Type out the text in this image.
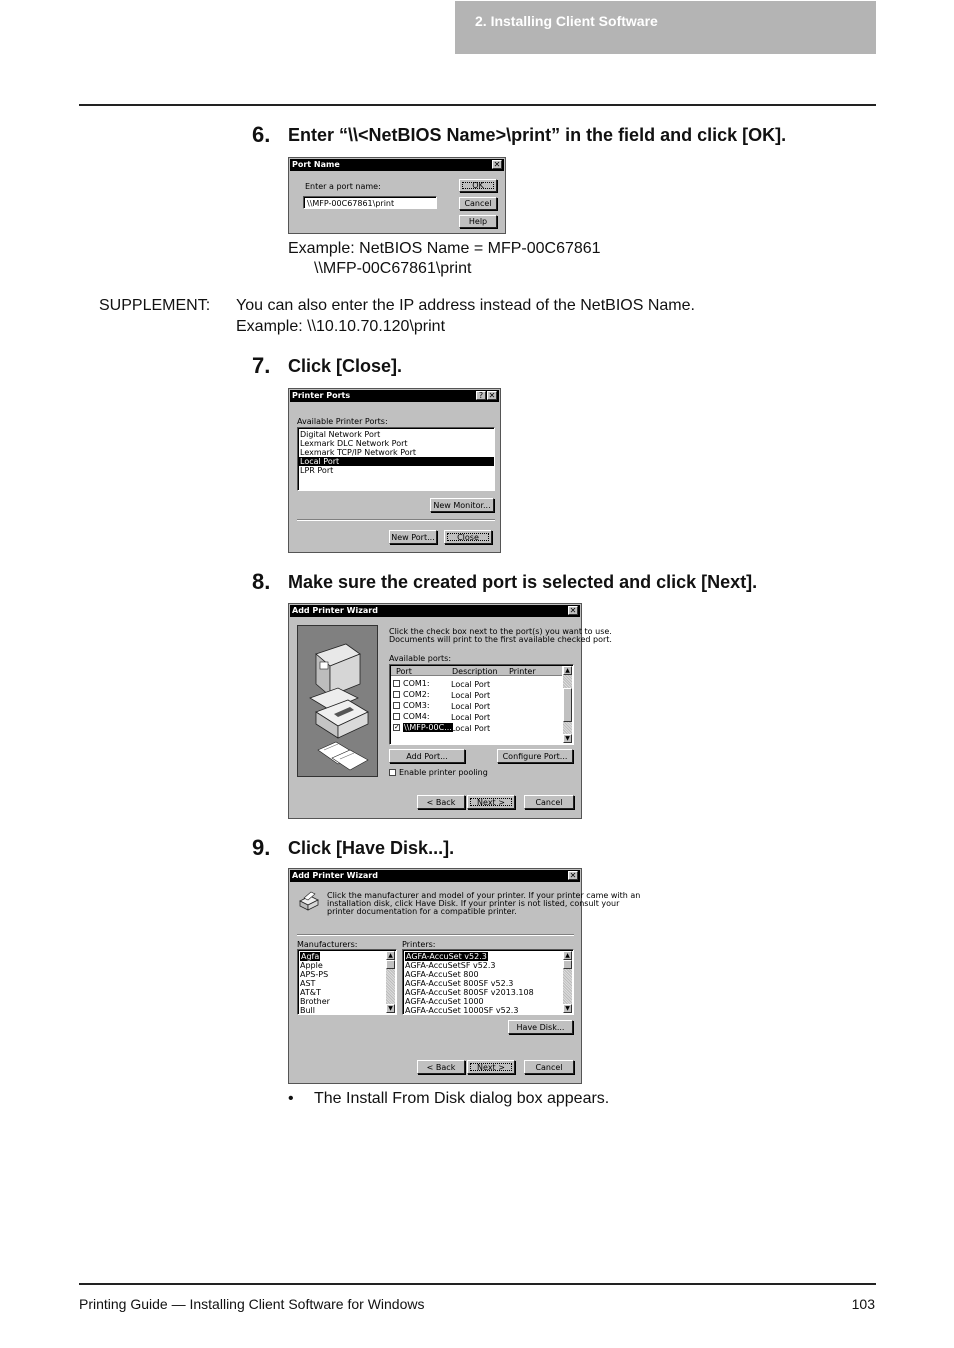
2. Installing Client Software
6. Enter “\\<NetBIOS Name>\print” in the field and click [OK].
Port Name	✕
Enter a port name:
\\MFP-00C67861\print
OK
Cancel
Help
Example: NetBIOS Name = MFP-00C67861
\\MFP-00C67861\print
SUPPLEMENT: You can also enter the IP address instead of the NetBIOS Name.
Example: \\10.10.70.120\print
7. Click [Close].
Printer Ports	? ✕
Available Printer Ports:
Digital Network Port
Lexmark DLC Network Port
Lexmark TCP/IP Network Port
Local Port
LPR Port
New Monitor...
New Port...	Close
8. Make sure the created port is selected and click [Next].
Add Printer Wizard	✕
Click the check box next to the port(s) you want to use.
Documents will print to the first available checked port.
Available ports:
Port	Description Printer
COM1:	Local Port
COM2:	Local Port
COM3:	Local Port
COM4:	Local Port
✓ \\MFP-00C... Local Port
▲
▼
Add Port...	Configure Port...
Enable printer pooling
< Back	Next >	Cancel
9. Click [Have Disk...].
Add Printer Wizard	✕
Click the manufacturer and model of your printer. If your printer came with an
installation disk, click Have Disk. If your printer is not listed, consult your
printer documentation for a compatible printer.
Manufacturers:
Agfa
Apple
APS-PS
AST
AT&T
Brother
Bull
▲
▼
Printers:
AGFA-AccuSet v52.3
AGFA-AccuSetSF v52.3
AGFA-AccuSet 800
AGFA-AccuSet 800SF v52.3
AGFA-AccuSet 800SF v2013.108
AGFA-AccuSet 1000
AGFA-AccuSet 1000SF v52.3
▲
▼
Have Disk...
< Back	Next >	Cancel
• The Install From Disk dialog box appears.
Printing Guide — Installing Client Software for Windows	103
